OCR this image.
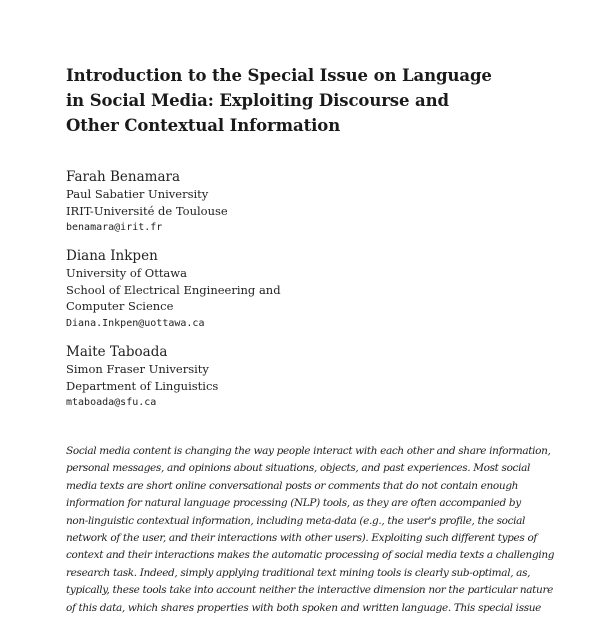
Introduction to the Special Issue on Language
in Social Media: Exploiting Discourse and
Other Contextual Information
Farah Benamara
Paul Sabatier University
IRIT-Université de Toulouse
benamara@irit.fr
Diana Inkpen
University of Ottawa
School of Electrical Engineering and
Computer Science
Diana.Inkpen@uottawa.ca
Maite Taboada
Simon Fraser University
Department of Linguistics
mtaboada@sfu.ca
Social media content is changing the way people interact with each other and share information,
personal messages, and opinions about situations, objects, and past experiences. Most social
media texts are short online conversational posts or comments that do not contain enough
information for natural language processing (NLP) tools, as they are often accompanied by
non-linguistic contextual information, including meta-data (e.g., the user's profile, the social
network of the user, and their interactions with other users). Exploiting such different types of
context and their interactions makes the automatic processing of social media texts a challenging
research task. Indeed, simply applying traditional text mining tools is clearly sub-optimal, as,
typically, these tools take into account neither the interactive dimension nor the particular nature
of this data, which shares properties with both spoken and written language. This special issue
